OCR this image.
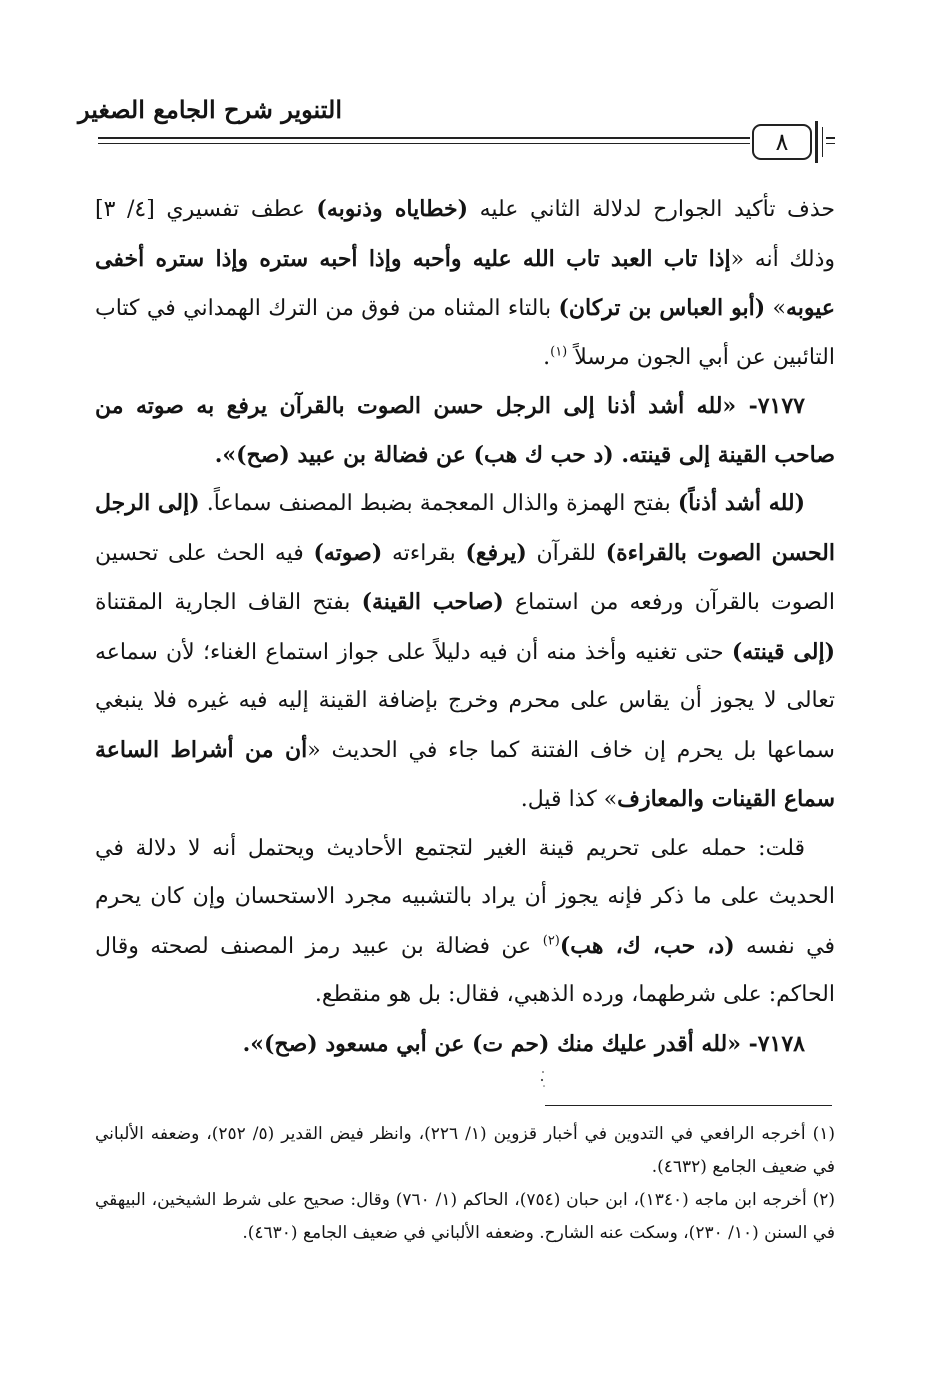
التنوير شرح الجامع الصغير
٨

حذف تأكيد الجوارح لدلالة الثاني عليه (خطاياه وذنوبه) عطف تفسيري [٤/ ٣] وذلك أنه «إذا تاب العبد تاب الله عليه وأحبه وإذا أحبه ستره وإذا ستره أخفى عيوبه» (أبو العباس بن تركان) بالتاء المثناه من فوق من الترك الهمداني في كتاب التائبين عن أبي الجون مرسلاً $^{(١)}$.

٧١٧٧- «لله أشد أذنا إلى الرجل حسن الصوت بالقرآن يرفع به صوته من صاحب القينة إلى قينته. (د حب ك هب) عن فضالة بن عبيد (صح)».

(لله أشد أذناً) بفتح الهمزة والذال المعجمة بضبط المصنف سماعاً. (إلى الرجل الحسن الصوت بالقراءة) للقرآن (يرفع) بقراءته (صوته) فيه الحث على تحسين الصوت بالقرآن ورفعه من استماع (صاحب القينة) بفتح القاف الجارية المقتناة (إلى قينته) حتى تغنيه وأخذ منه أن فيه دليلاً على جواز استماع الغناء؛ لأن سماعه تعالى لا يجوز أن يقاس على محرم وخرج بإضافة القينة إليه فيه غيره فلا ينبغي سماعها بل يحرم إن خاف الفتنة كما جاء في الحديث «أن من أشراط الساعة سماع القينات والمعازف» كذا قيل.

قلت: حمله على تحريم قينة الغير لتجتمع الأحاديث ويحتمل أنه لا دلالة في الحديث على ما ذكر فإنه يجوز أن يراد بالتشبيه مجرد الاستحسان وإن كان يحرم في نفسه (د، حب، ك، هب)$^{(٢)}$ عن فضالة بن عبيد رمز المصنف لصحته وقال الحاكم: على شرطهما، ورده الذهبي، فقال: بل هو منقطع.

٧١٧٨- «لله أقدر عليك منك (حم ت) عن أبي مسعود (صح)».

(١) أخرجه الرافعي في التدوين في أخبار قزوين (١/ ٢٢٦)، وانظر فيض القدير (٥/ ٢٥٢)، وضعفه الألباني في ضعيف الجامع (٤٦٣٢).

(٢) أخرجه ابن ماجه (١٣٤٠)، ابن حبان (٧٥٤)، الحاكم (١/ ٧٦٠) وقال: صحيح على شرط الشيخين، البيهقي في السنن (١٠/ ٢٣٠)، وسكت عنه الشارح. وضعفه الألباني في ضعيف الجامع (٤٦٣٠).
